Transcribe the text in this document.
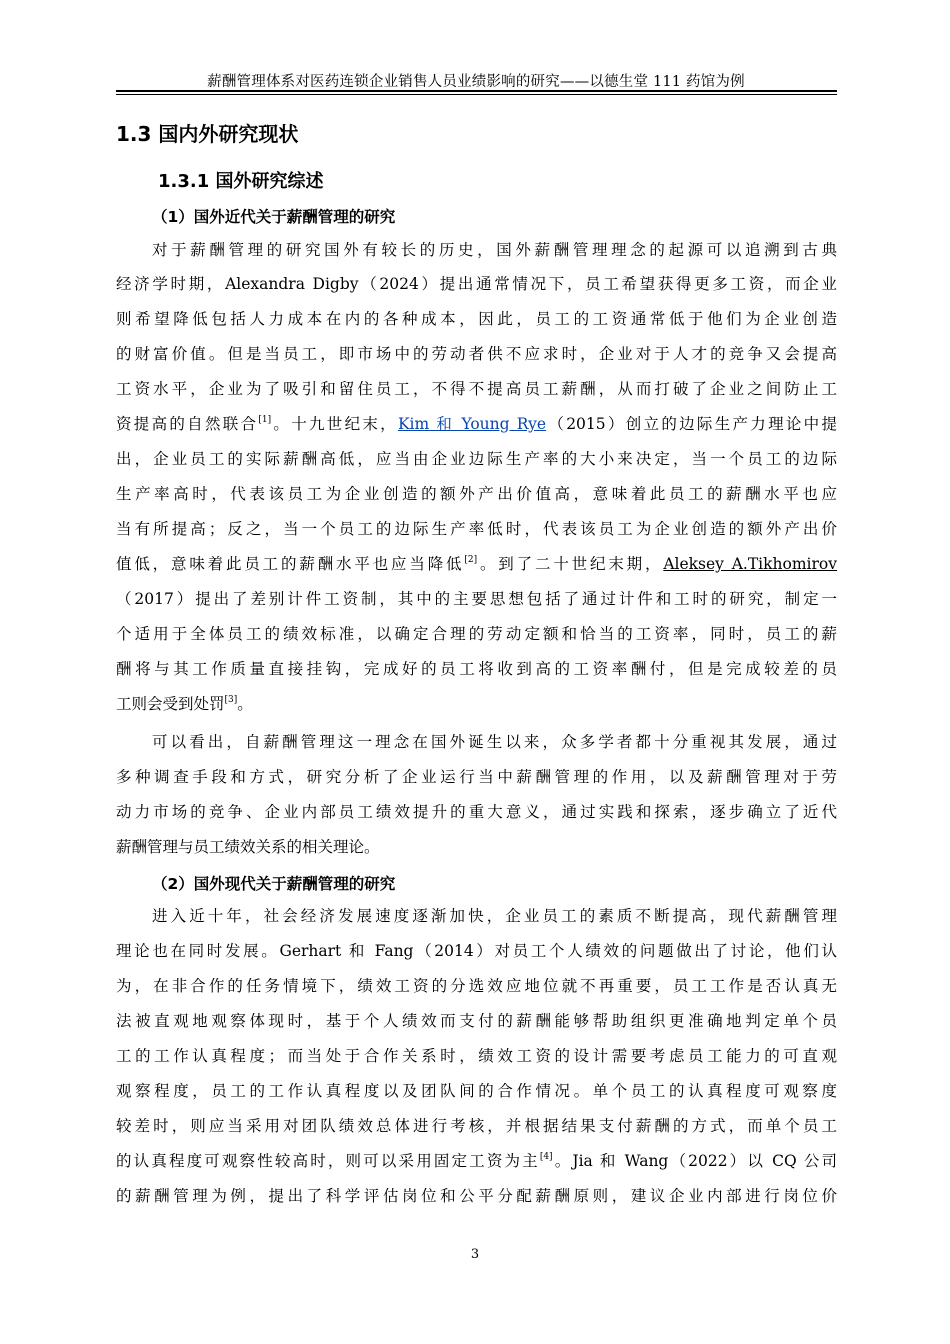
薪酬管理体系对医药连锁企业销售人员业绩影响的研究——以德生堂 111 药馆为例
1.3 国内外研究现状
1.3.1 国外研究综述
（1）国外近代关于薪酬管理的研究
对于薪酬管理的研究国外有较长的历史，国外薪酬管理理念的起源可以追溯到古典
经济学时期，Alexandra Digby（2024）提出通常情况下，员工希望获得更多工资，而企业
则希望降低包括人力成本在内的各种成本，因此，员工的工资通常低于他们为企业创造
的财富价值。但是当员工，即市场中的劳动者供不应求时，企业对于人才的竞争又会提高
工资水平，企业为了吸引和留住员工，不得不提高员工薪酬，从而打破了企业之间防止工
资提高的自然联合[1]。十九世纪末，Kim 和 Young Rye（2015）创立的边际生产力理论中提
出，企业员工的实际薪酬高低，应当由企业边际生产率的大小来决定，当一个员工的边际
生产率高时，代表该员工为企业创造的额外产出价值高，意味着此员工的薪酬水平也应
当有所提高；反之，当一个员工的边际生产率低时，代表该员工为企业创造的额外产出价
值低，意味着此员工的薪酬水平也应当降低[2]。到了二十世纪末期，Aleksey A.Tikhomirov
（2017）提出了差别计件工资制，其中的主要思想包括了通过计件和工时的研究，制定一
个适用于全体员工的绩效标准，以确定合理的劳动定额和恰当的工资率，同时，员工的薪
酬将与其工作质量直接挂钩，完成好的员工将收到高的工资率酬付，但是完成较差的员
工则会受到处罚[3]。
可以看出，自薪酬管理这一理念在国外诞生以来，众多学者都十分重视其发展，通过
多种调查手段和方式，研究分析了企业运行当中薪酬管理的作用，以及薪酬管理对于劳
动力市场的竞争、企业内部员工绩效提升的重大意义，通过实践和探索，逐步确立了近代
薪酬管理与员工绩效关系的相关理论。
（2）国外现代关于薪酬管理的研究
进入近十年，社会经济发展速度逐渐加快，企业员工的素质不断提高，现代薪酬管理
理论也在同时发展。Gerhart 和 Fang（2014）对员工个人绩效的问题做出了讨论，他们认
为，在非合作的任务情境下，绩效工资的分选效应地位就不再重要，员工工作是否认真无
法被直观地观察体现时，基于个人绩效而支付的薪酬能够帮助组织更准确地判定单个员
工的工作认真程度；而当处于合作关系时，绩效工资的设计需要考虑员工能力的可直观
观察程度，员工的工作认真程度以及团队间的合作情况。单个员工的认真程度可观察度
较差时，则应当采用对团队绩效总体进行考核，并根据结果支付薪酬的方式，而单个员工
的认真程度可观察性较高时，则可以采用固定工资为主[4]。Jia 和 Wang（2022）以 CQ 公司
的薪酬管理为例，提出了科学评估岗位和公平分配薪酬原则，建议企业内部进行岗位价
3
